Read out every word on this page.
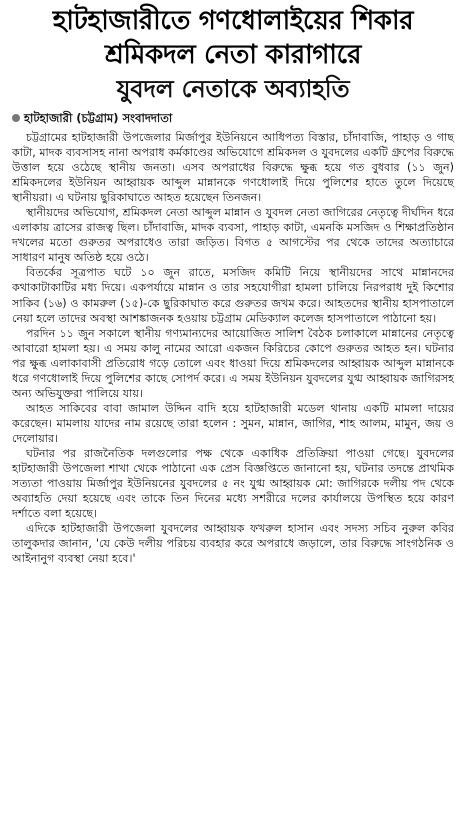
হাটহাজারীতে গণধোলাইয়ের শিকার
শ্রমিকদল নেতা কারাগারে
যুবদল নেতাকে অব্যাহতি
হাটহাজারী (চট্টগ্রাম) সংবাদদাতা

চট্টগ্রামের হাটহাজারী উপজেলার মির্জাপুর ইউনিয়নে আধিপত্য বিস্তার, চাঁদাবাজি, পাহাড় ও গাছ কাটা, মাদক ব্যবসাসহ নানা অপরাধ কর্মকাণ্ডের অভিযোগে শ্রমিকদল ও যুবদলের একটি গ্রুপের বিরুদ্ধে উত্তাল হয়ে ওঠেছে স্থানীয় জনতা। এসব অপরাধের বিরুদ্ধে ক্ষুব্ধ হয়ে গত বুধবার (১১ জুন) শ্রমিকদলের ইউনিয়ন আহ্বায়ক আব্দুল মান্নানকে গণধোলাই দিয়ে পুলিশের হাতে তুলে দিয়েছে স্থানীয়রা। এ ঘটনায় ছুরিকাঘাতে আহত হয়েছেন তিনজন।

স্থানীয়দের অভিযোগ, শ্রমিকদল নেতা আব্দুল মান্নান ও যুবদল নেতা জাগিরের নেতৃত্বে দীর্ঘদিন ধরে এলাকায় ত্রাসের রাজত্ব ছিল। চাঁদাবাজি, মাদক ব্যবসা, পাহাড় কাটা, এমনকি মসজিদ ও শিক্ষাপ্রতিষ্ঠান দখলের মতো গুরুতর অপরাধেও তারা জড়িত। বিগত ৫ আগস্টের পর থেকে তাদের অত্যাচারে সাধারণ মানুষ অতিষ্ঠ হয়ে ওঠে।

বিতর্কের সূত্রপাত ঘটে ১০ জুন রাতে, মসজিদ কমিটি নিয়ে স্থানীয়দের সাথে মান্নানদের কথাকাটাকাটির মধ্য দিয়ে। একপর্যায়ে মান্নান ও তার সহযোগীরা হামলা চালিয়ে নিরপরাধ দুই কিশোর সাকিব (১৬) ও কামরুল (১৫)-কে ছুরিকাঘাত করে গুরুতর জখম করে। আহতদের স্থানীয় হাসপাতালে নেয়া হলে তাদের অবস্থা আশঙ্কাজনক হওয়ায় চট্টগ্রাম মেডিক্যাল কলেজ হাসপাতালে পাঠানো হয়।

পরদিন ১১ জুন সকালে স্থানীয় গণ্যমান্যদের আয়োজিত সালিশ বৈঠক চলাকালে মান্নানের নেতৃত্বে আবারো হামলা হয়। এ সময় কালু নামের আরো একজন কিরিচের কোপে গুরুতর আহত হন। ঘটনার পর ক্ষুব্ধ এলাকাবাসী প্রতিরোধ গড়ে তোলে এবং ধাওয়া দিয়ে শ্রমিকদলের আহ্বায়ক আব্দুল মান্নানকে ধরে গণধোলাই দিয়ে পুলিশের কাছে সোপর্দ করে। এ সময় ইউনিয়ন যুবদলের যুগ্ম আহ্বায়ক জাগিরসহ অন্য অভিযুক্তরা পালিয়ে যায়।

আহত সাকিবের বাবা জামাল উদ্দিন বাদি হয়ে হাটহাজারী মডেল থানায় একটি মামলা দায়ের করেছেন। মামলায় যাদের নাম রয়েছে তারা হলেন : সুমন, মান্নান, জাগির, শাহ আলম, মামুন, জয় ও দেলোয়ার।

ঘটনার পর রাজনৈতিক দলগুলোর পক্ষ থেকে একাধিক প্রতিক্রিয়া পাওয়া গেছে। যুবদলের হাটহাজারী উপজেলা শাখা থেকে পাঠানো এক প্রেস বিজ্ঞপ্তিতে জানানো হয়, ঘটনার তদন্তে প্রাথমিক সত্যতা পাওয়ায় মির্জাপুর ইউনিয়নের যুবদলের ৫ নং যুগ্ম আহ্বায়ক মো: জাগিরকে দলীয় পদ থেকে অব্যাহতি দেয়া হয়েছে এবং তাকে তিন দিনের মধ্যে সশরীরে দলের কার্যালয়ে উপস্থিত হয়ে কারণ দর্শাতে বলা হয়েছে।

এদিকে হাটহাজারী উপজেলা যুবদলের আহ্বায়ক ফখরুল হাসান এবং সদস্য সচিব নুরুল কবির তালুকদার জানান, 'যে কেউ দলীয় পরিচয় ব্যবহার করে অপরাধে জড়ালে, তার বিরুদ্ধে সাংগঠনিক ও আইনানুগ ব্যবস্থা নেয়া হবে।'
